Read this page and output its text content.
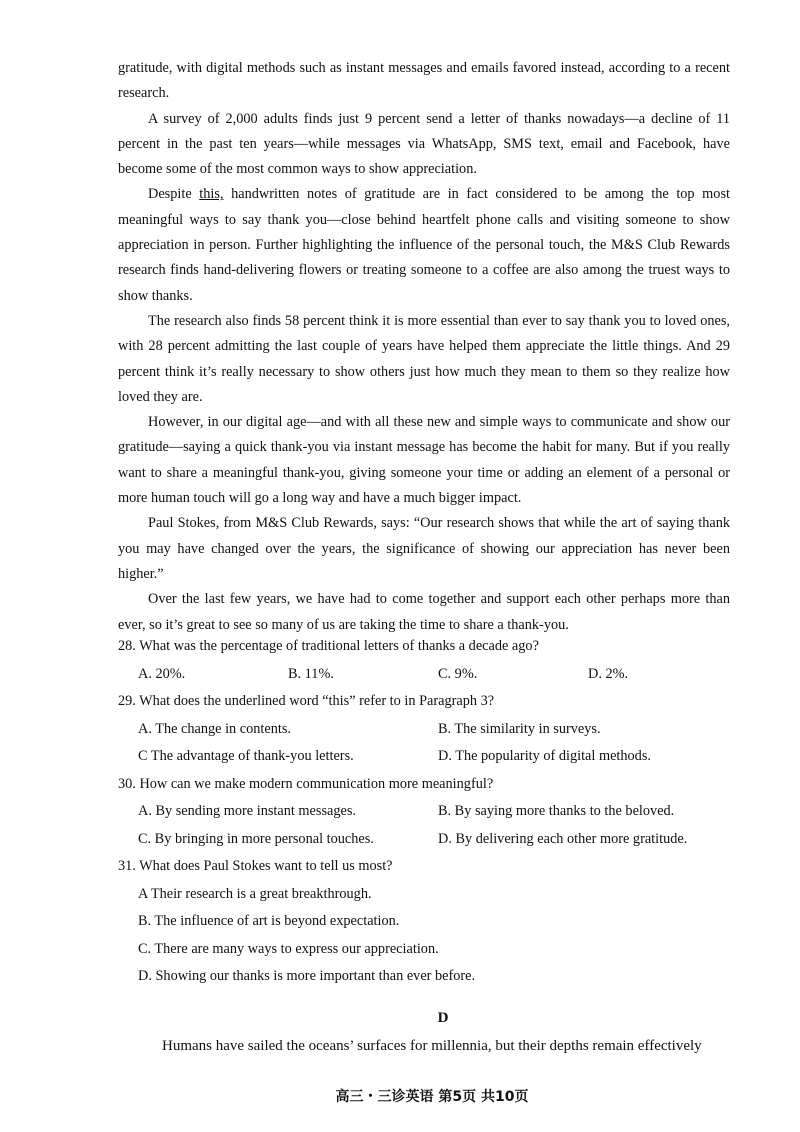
gratitude, with digital methods such as instant messages and emails favored instead, according to a recent research.

A survey of 2,000 adults finds just 9 percent send a letter of thanks nowadays—a decline of 11 percent in the past ten years—while messages via WhatsApp, SMS text, email and Facebook, have become some of the most common ways to show appreciation.

Despite this, handwritten notes of gratitude are in fact considered to be among the top most meaningful ways to say thank you—close behind heartfelt phone calls and visiting someone to show appreciation in person. Further highlighting the influence of the personal touch, the M&S Club Rewards research finds hand-delivering flowers or treating someone to a coffee are also among the truest ways to show thanks.

The research also finds 58 percent think it is more essential than ever to say thank you to loved ones, with 28 percent admitting the last couple of years have helped them appreciate the little things. And 29 percent think it’s really necessary to show others just how much they mean to them so they realize how loved they are.

However, in our digital age—and with all these new and simple ways to communicate and show our gratitude—saying a quick thank-you via instant message has become the habit for many. But if you really want to share a meaningful thank-you, giving someone your time or adding an element of a personal or more human touch will go a long way and have a much bigger impact.

Paul Stokes, from M&S Club Rewards, says: “Our research shows that while the art of saying thank you may have changed over the years, the significance of showing our appreciation has never been higher.”

Over the last few years, we have had to come together and support each other perhaps more than ever, so it’s great to see so many of us are taking the time to share a thank-you.

28. What was the percentage of traditional letters of thanks a decade ago?

A. 20%.	B. 11%.	C. 9%.	D. 2%.

29. What does the underlined word “this” refer to in Paragraph 3?

A. The change in contents.	B. The similarity in surveys.
C The advantage of thank-you letters.	D. The popularity of digital methods.

30. How can we make modern communication more meaningful?

A. By sending more instant messages.	B. By saying more thanks to the beloved.
C. By bringing in more personal touches.	D. By delivering each other more gratitude.

31. What does Paul Stokes want to tell us most?

A Their research is a great breakthrough.
B. The influence of art is beyond expectation.
C. There are many ways to express our appreciation.
D. Showing our thanks is more important than ever before.
D
Humans have sailed the oceans’ surfaces for millennia, but their depths remain effectively
高三・三诊英语 第5页 共10页
